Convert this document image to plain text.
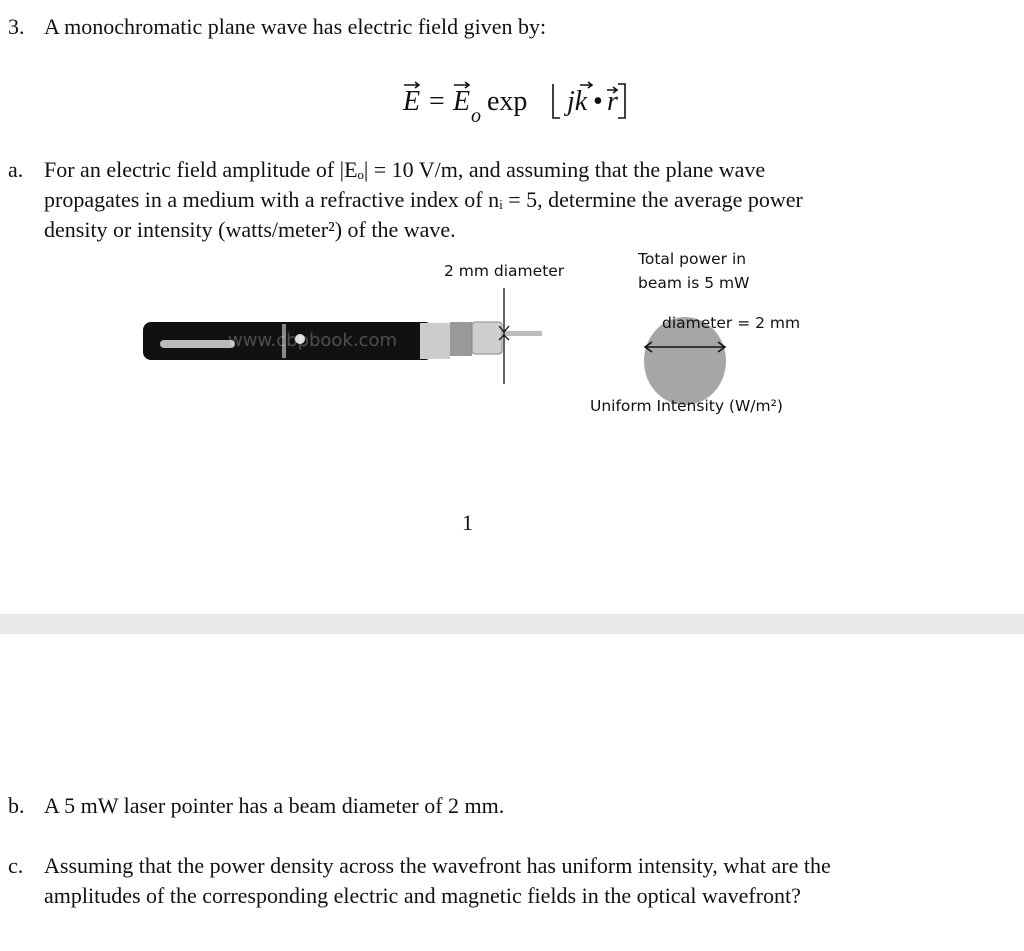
3. A monochromatic plane wave has electric field given by:
E = E o exp jk • r
a. For an electric field amplitude of |Eₒ| = 10 V/m, and assuming that the plane wave
propagates in a medium with a refractive index of nᵢ = 5, determine the average power
density or intensity (watts/meter²) of the wave.
2 mm diameter
Total power in
beam is 5 mW
www.cbpbook.com
diameter = 2 mm
Uniform Intensity (W/m²)
1
b. A 5 mW laser pointer has a beam diameter of 2 mm.
c. Assuming that the power density across the wavefront has uniform intensity, what are the
amplitudes of the corresponding electric and magnetic fields in the optical wavefront?
